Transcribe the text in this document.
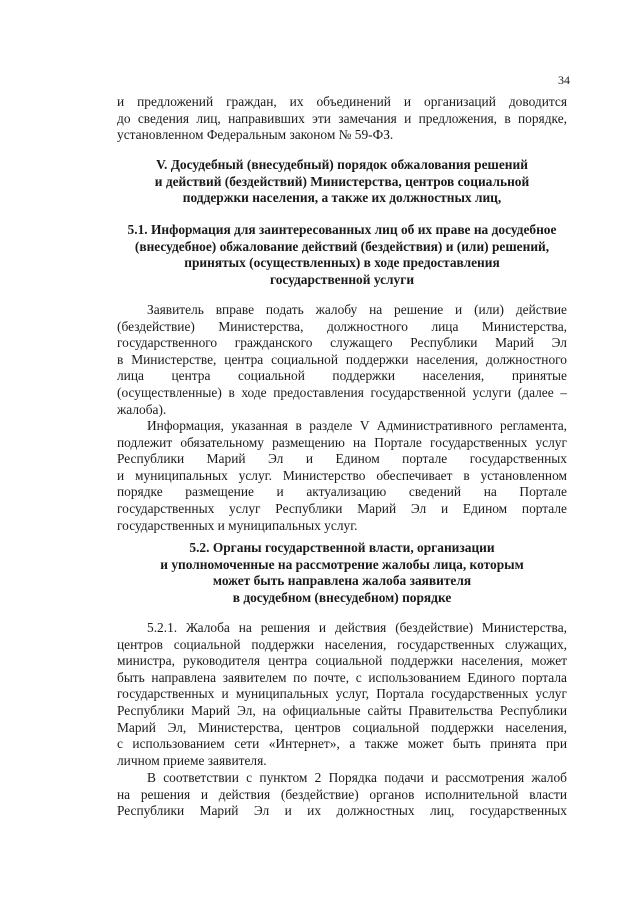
34
и предложений граждан, их объединений и организаций доводится
до сведения лиц, направивших эти замечания и предложения, в порядке,
установленном Федеральным законом № 59-ФЗ.
V. Досудебный (внесудебный) порядок обжалования решений
и действий (бездействий) Министерства, центров социальной
поддержки населения, а также их должностных лиц,
5.1. Информация для заинтересованных лиц об их праве на досудебное
(внесудебное) обжалование действий (бездействия) и (или) решений,
принятых (осуществленных) в ходе предоставления
государственной услуги
Заявитель вправе подать жалобу на решение и (или) действие
(бездействие) Министерства, должностного лица Министерства,
государственного гражданского служащего Республики Марий Эл
в Министерстве, центра социальной поддержки населения, должностного
лица центра социальной поддержки населения, принятые
(осуществленные) в ходе предоставления государственной услуги (далее –
жалоба).
Информация, указанная в разделе V Административного регламента,
подлежит обязательному размещению на Портале государственных услуг
Республики Марий Эл и Едином портале государственных
и муниципальных услуг. Министерство обеспечивает в установленном
порядке размещение и актуализацию сведений на Портале
государственных услуг Республики Марий Эл и Едином портале
государственных и муниципальных услуг.
5.2. Органы государственной власти, организации
и уполномоченные на рассмотрение жалобы лица, которым
может быть направлена жалоба заявителя
в досудебном (внесудебном) порядке
5.2.1. Жалоба на решения и действия (бездействие) Министерства,
центров социальной поддержки населения, государственных служащих,
министра, руководителя центра социальной поддержки населения, может
быть направлена заявителем по почте, с использованием Единого портала
государственных и муниципальных услуг, Портала государственных услуг
Республики Марий Эл, на официальные сайты Правительства Республики
Марий Эл, Министерства, центров социальной поддержки населения,
с использованием сети «Интернет», а также может быть принята при
личном приеме заявителя.
В соответствии с пунктом 2 Порядка подачи и рассмотрения жалоб
на решения и действия (бездействие) органов исполнительной власти
Республики Марий Эл и их должностных лиц, государственных
